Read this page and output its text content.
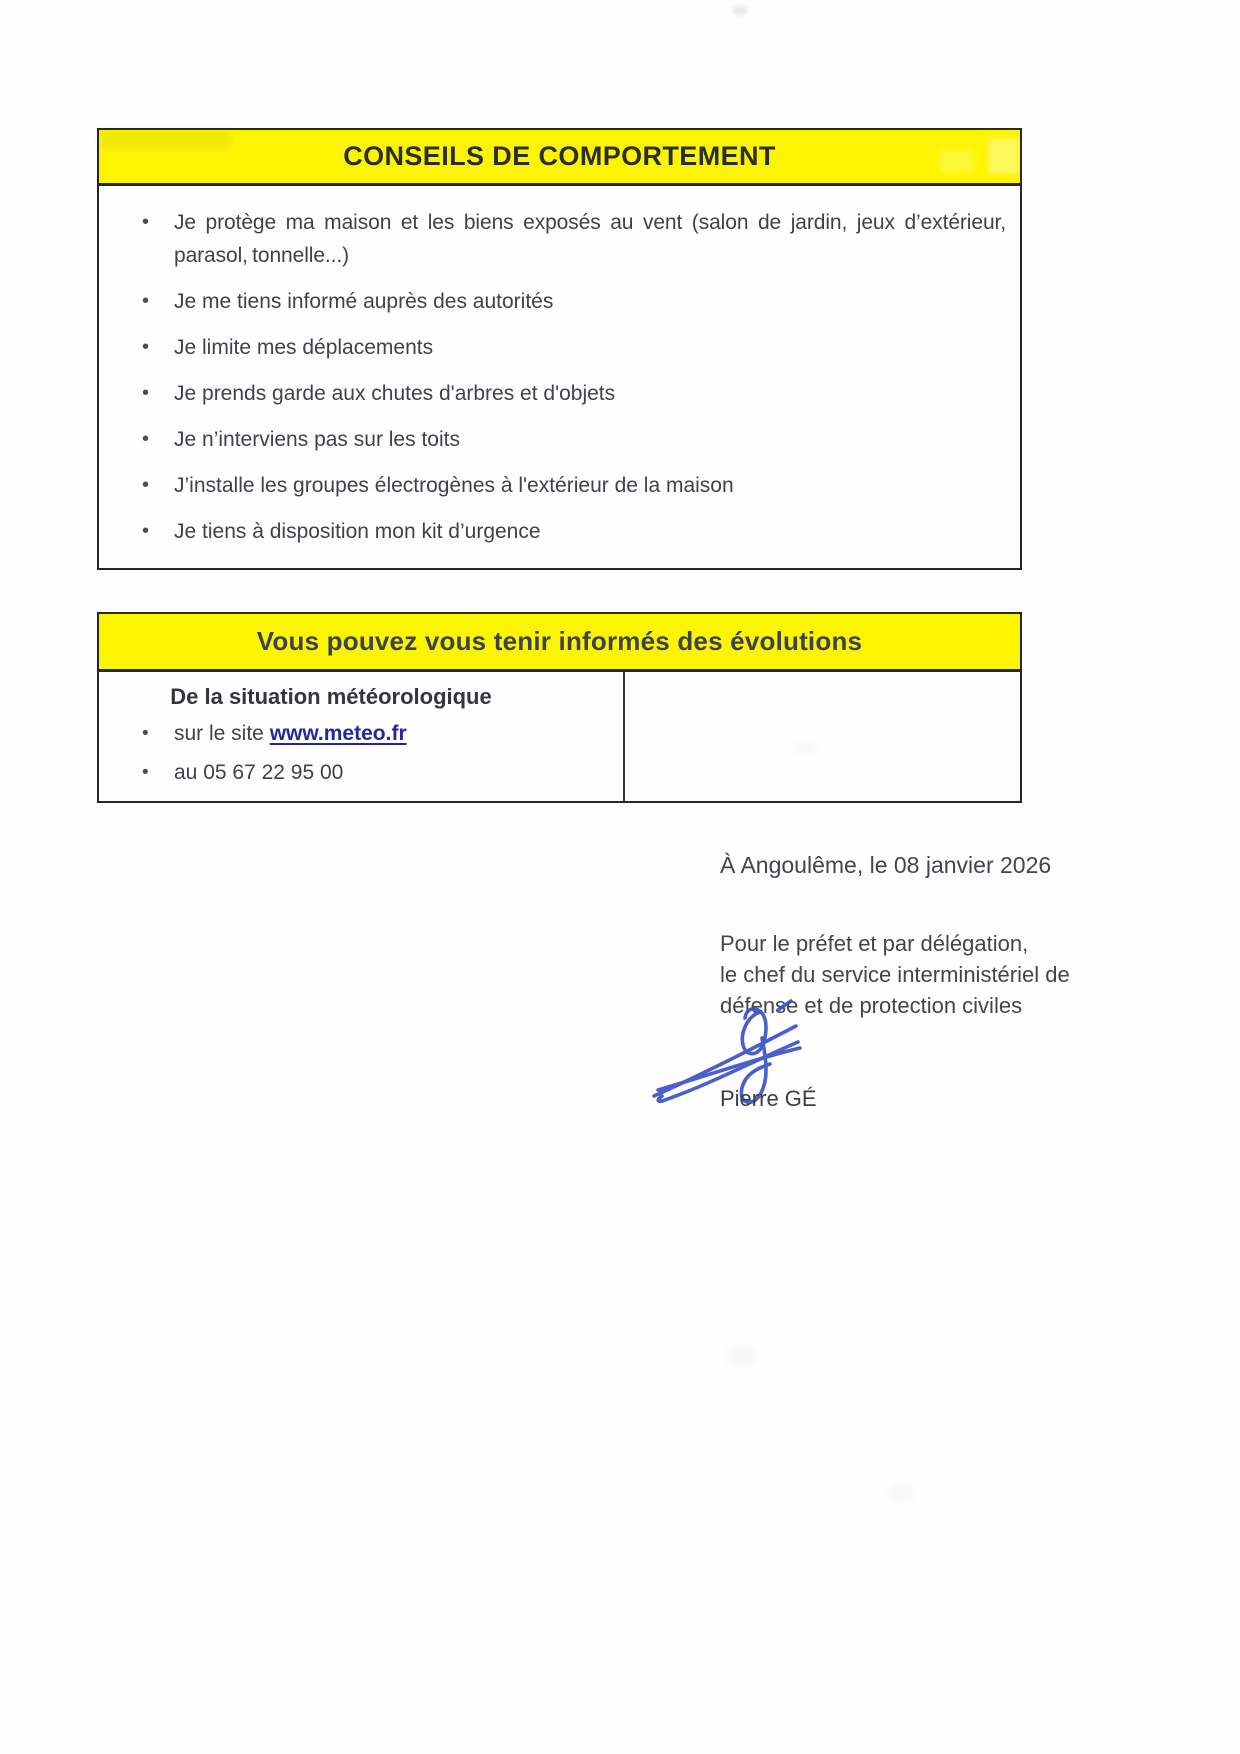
CONSEILS DE COMPORTEMENT
• Je protège ma maison et les biens exposés au vent (salon de jardin, jeux d’extérieur, parasol, tonnelle...)
• Je me tiens informé auprès des autorités
• Je limite mes déplacements
• Je prends garde aux chutes d'arbres et d'objets
• Je n’interviens pas sur les toits
• J’installe les groupes électrogènes à l'extérieur de la maison
• Je tiens à disposition mon kit d’urgence
Vous pouvez vous tenir informés des évolutions
De la situation météorologique
• sur le site www.meteo.fr
• au 05 67 22 95 00
À Angoulême, le 08 janvier 2026
Pour le préfet et par délégation,
le chef du service interministériel de
défense et de protection civiles
Pierre GÉ
